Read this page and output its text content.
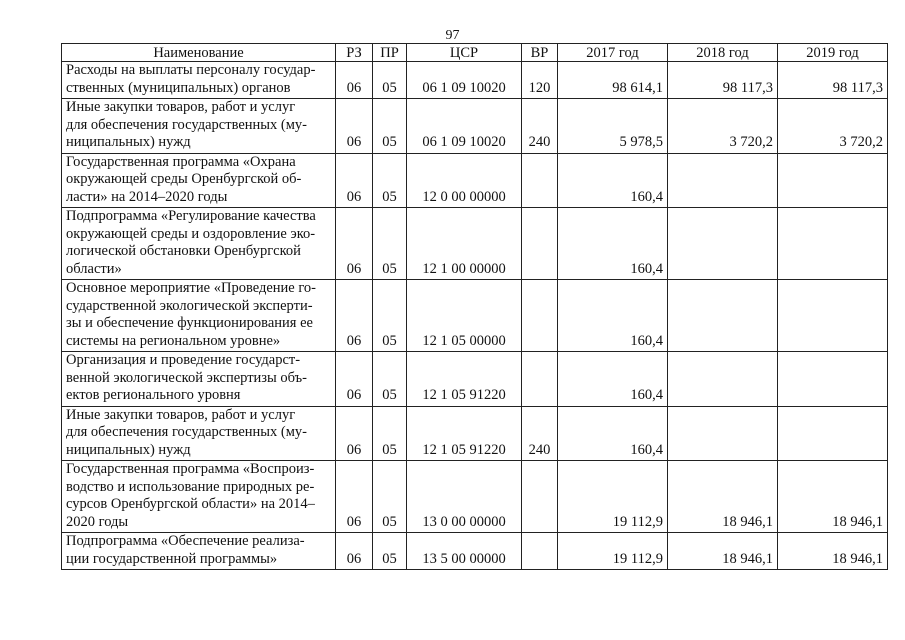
97
Наименование	РЗ	ПР	ЦСР	ВР	2017 год	2018 год	2019 год

Расходы на выплаты персоналу государ-
ственных (муниципальных) органов	06	05	06 1 09 10020	120	98 614,1	98 117,3	98 117,3

Иные закупки товаров, работ и услуг
для обеспечения государственных (му-
ниципальных) нужд	06	05	06 1 09 10020	240	5 978,5	3 720,2	3 720,2

Государственная программа «Охрана
окружающей среды Оренбургской об-
ласти» на 2014–2020 годы	06	05	12 0 00 00000		160,4		

Подпрограмма «Регулирование качества
окружающей среды и оздоровление эко-
логической обстановки Оренбургской
области»	06	05	12 1 00 00000		160,4		

Основное мероприятие «Проведение го-
сударственной экологической эксперти-
зы и обеспечение функционирования ее
системы на региональном уровне»	06	05	12 1 05 00000		160,4		

Организация и проведение государст-
венной экологической экспертизы объ-
ектов регионального уровня	06	05	12 1 05 91220		160,4		

Иные закупки товаров, работ и услуг
для обеспечения государственных (му-
ниципальных) нужд	06	05	12 1 05 91220	240	160,4		

Государственная программа «Воспроиз-
водство и использование природных ре-
сурсов Оренбургской области» на 2014–
2020 годы	06	05	13 0 00 00000		19 112,9	18 946,1	18 946,1

Подпрограмма «Обеспечение реализа-
ции государственной программы»	06	05	13 5 00 00000		19 112,9	18 946,1	18 946,1
